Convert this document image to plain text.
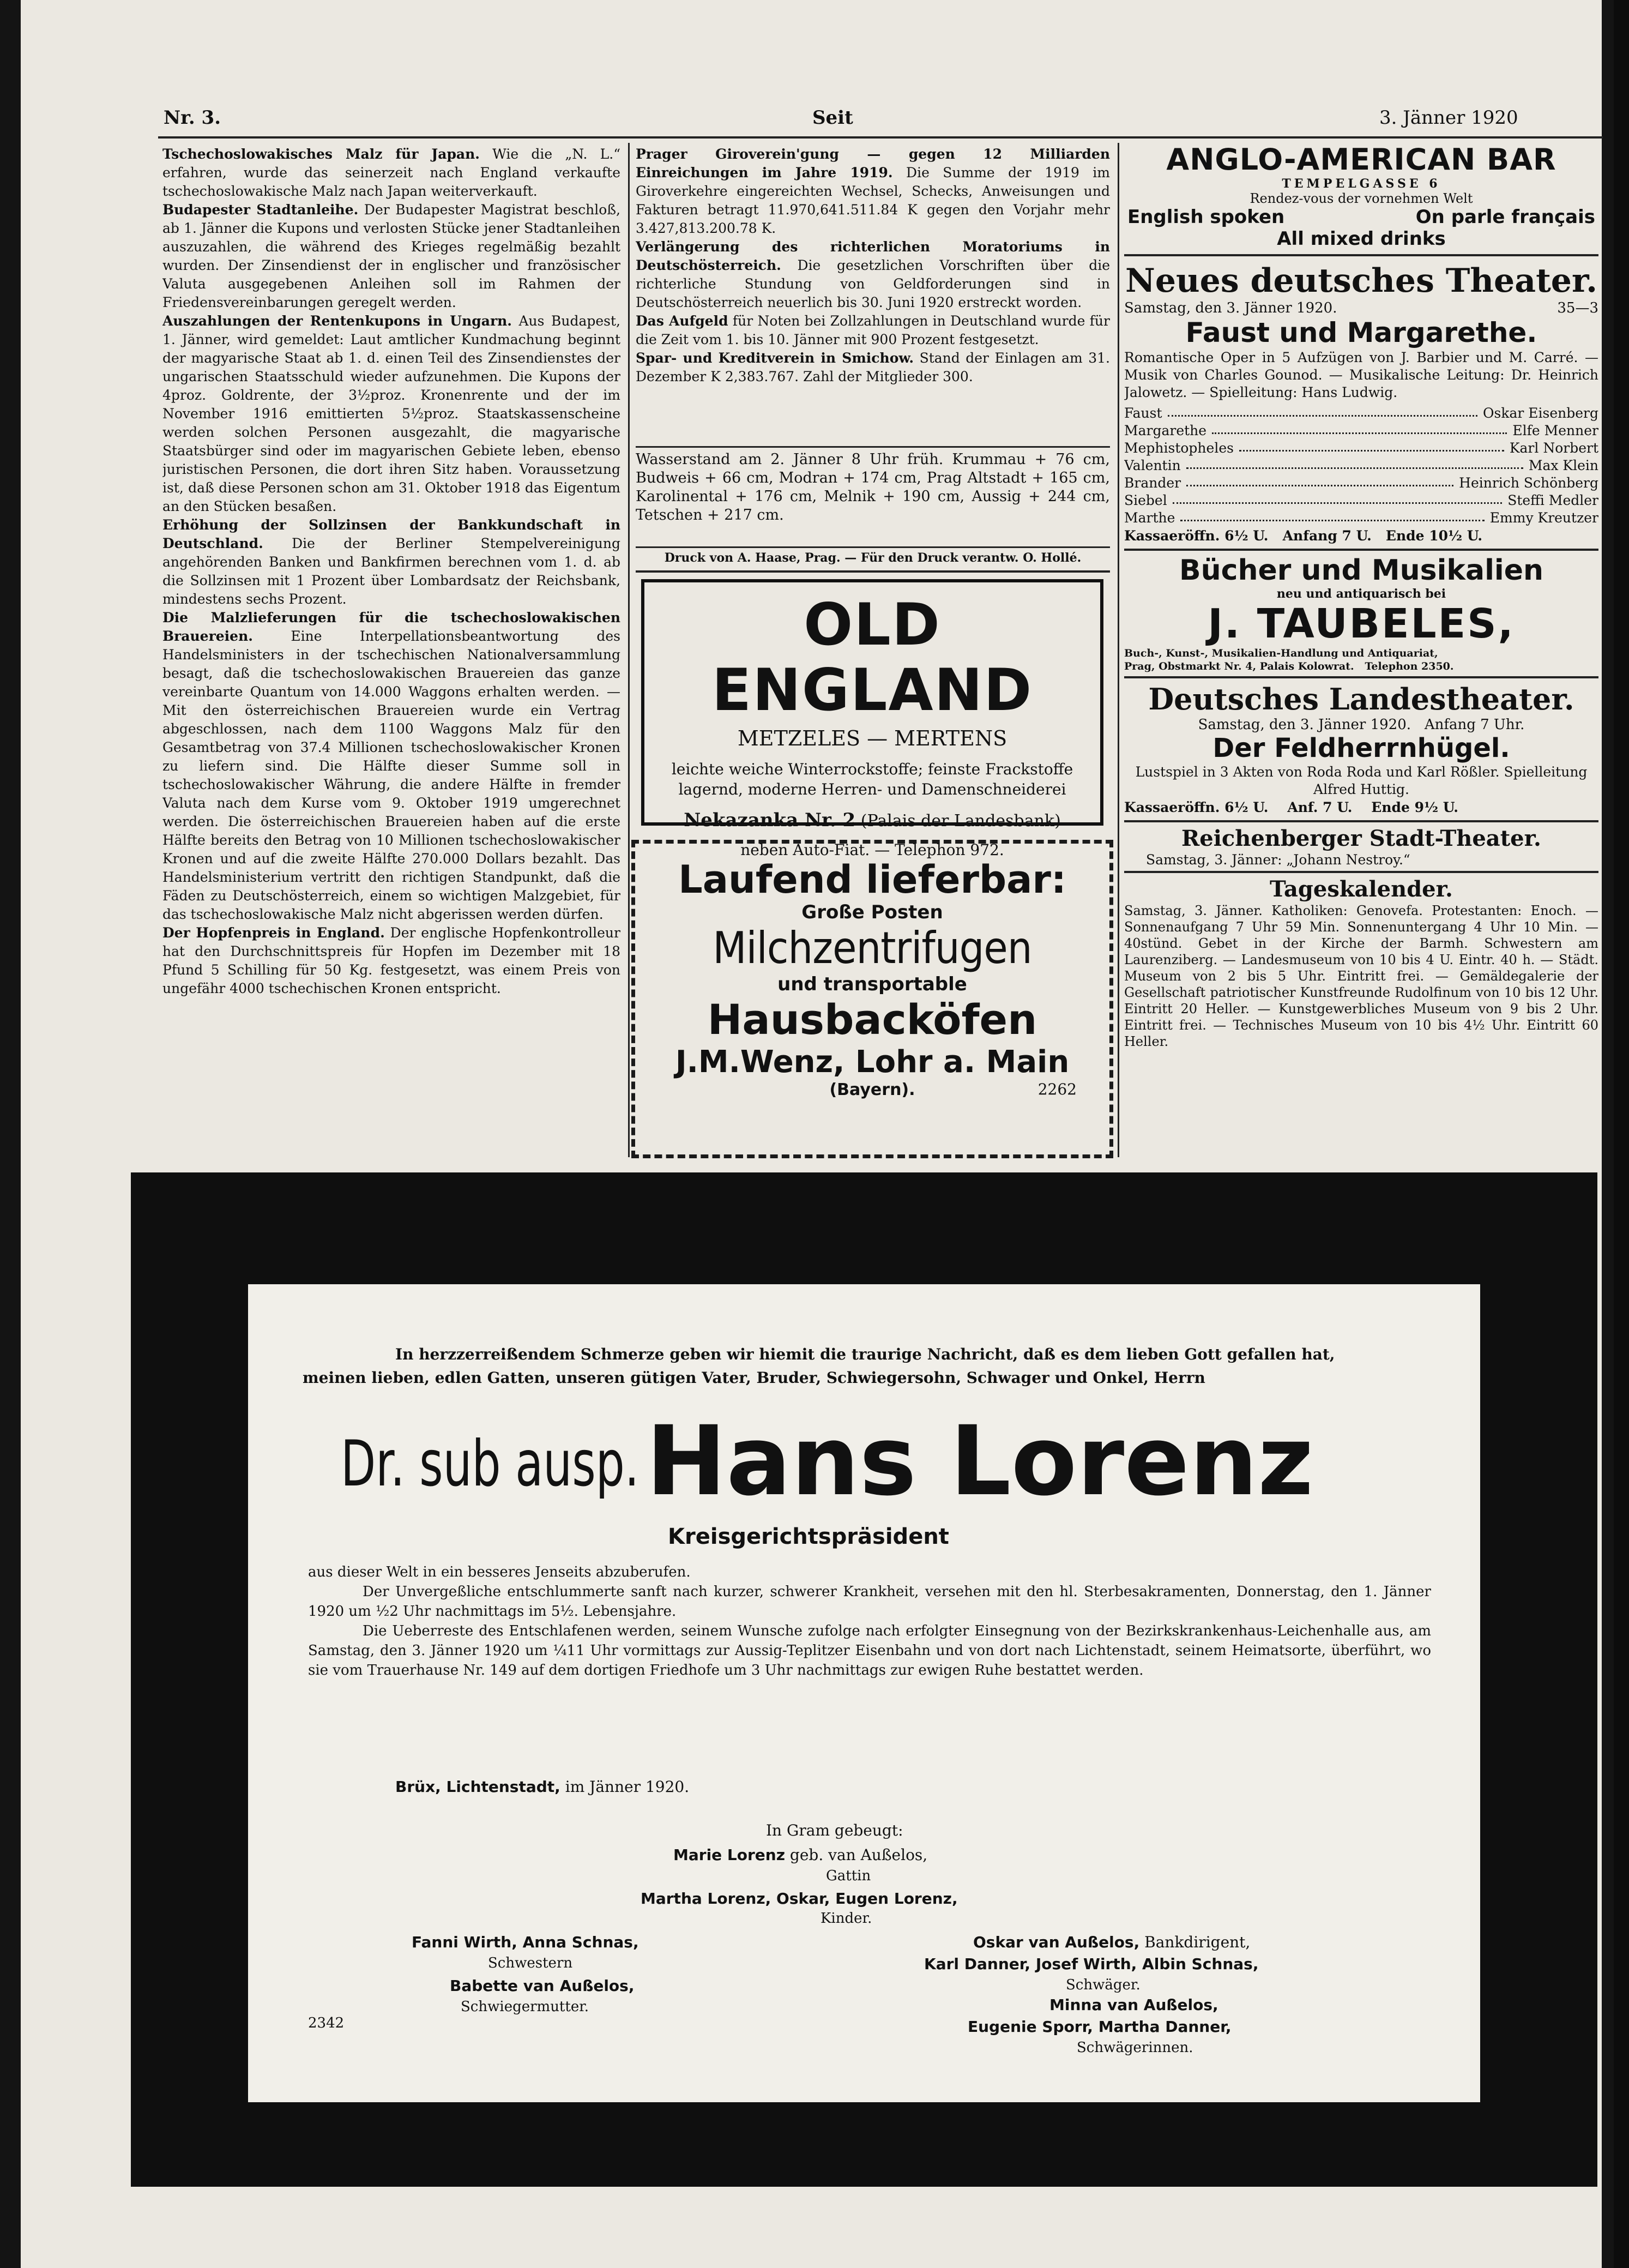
Nr. 3.	Seit	3. Jänner 1920

Tschechoslowakisches Malz für Japan. Wie die „N. L.“ erfahren, wurde das seinerzeit nach England verkaufte tschechoslowakische Malz nach Japan weiterverkauft.

Budapester Stadtanleihe. Der Budapester Magistrat beschloß, ab 1. Jänner die Kupons und verlosten Stücke jener Stadtanleihen auszuzahlen, die während des Krieges regelmäßig bezahlt wurden. Der Zinsendienst der in englischer und französischer Valuta ausgegebenen Anleihen soll im Rahmen der Friedensvereinbarungen geregelt werden.

Auszahlungen der Rentenkupons in Ungarn. Aus Budapest, 1. Jänner, wird gemeldet: Laut amtlicher Kundmachung beginnt der magyarische Staat ab 1. d. einen Teil des Zinsendienstes der ungarischen Staatsschuld wieder aufzunehmen. Die Kupons der 4proz. Goldrente, der 3½proz. Kronenrente und der im November 1916 emittierten 5½proz. Staatskassenscheine werden solchen Personen ausgezahlt, die magyarische Staatsbürger sind oder im magyarischen Gebiete leben, ebenso juristischen Personen, die dort ihren Sitz haben. Voraussetzung ist, daß diese Personen schon am 31. Oktober 1918 das Eigentum an den Stücken besaßen.

Erhöhung der Sollzinsen der Bankkundschaft in Deutschland. Die der Berliner Stempelvereinigung angehörenden Banken und Bankfirmen berechnen vom 1. d. ab die Sollzinsen mit 1 Prozent über Lombardsatz der Reichsbank, mindestens sechs Prozent.

Die Malzlieferungen für die tschechoslowakischen Brauereien. Eine Interpellationsbeantwortung des Handelsministers in der tschechischen Nationalversammlung besagt, daß die tschechoslowakischen Brauereien das ganze vereinbarte Quantum von 14.000 Waggons erhalten werden. — Mit den österreichischen Brauereien wurde ein Vertrag abgeschlossen, nach dem 1100 Waggons Malz für den Gesamtbetrag von 37.4 Millionen tschechoslowakischer Kronen zu liefern sind. Die Hälfte dieser Summe soll in tschechoslowakischer Währung, die andere Hälfte in fremder Valuta nach dem Kurse vom 9. Oktober 1919 umgerechnet werden. Die österreichischen Brauereien haben auf die erste Hälfte bereits den Betrag von 10 Millionen tschechoslowakischer Kronen und auf die zweite Hälfte 270.000 Dollars bezahlt. Das Handelsministerium vertritt den richtigen Standpunkt, daß die Fäden zu Deutschösterreich, einem so wichtigen Malzgebiet, für das tschechoslowakische Malz nicht abgerissen werden dürfen.

Der Hopfenpreis in England. Der englische Hopfenkontrolleur hat den Durchschnittspreis für Hopfen im Dezember mit 18 Pfund 5 Schilling für 50 Kg. festgesetzt, was einem Preis von ungefähr 4000 tschechischen Kronen entspricht.

Prager Giroverein'gung — gegen 12 Milliarden Einreichungen im Jahre 1919. Die Summe der 1919 im Giroverkehre eingereichten Wechsel, Schecks, Anweisungen und Fakturen betragt 11.970,641.511.84 K gegen den Vorjahr mehr 3.427,813.200.78 K.

Verlängerung des richterlichen Moratoriums in Deutschösterreich. Die gesetzlichen Vorschriften über die richterliche Stundung von Geldforderungen sind in Deutschösterreich neuerlich bis 30. Juni 1920 erstreckt worden.

Das Aufgeld für Noten bei Zollzahlungen in Deutschland wurde für die Zeit vom 1. bis 10. Jänner mit 900 Prozent festgesetzt.

Spar- und Kreditverein in Smichow. Stand der Einlagen am 31. Dezember K 2,383.767. Zahl der Mitglieder 300.

Wasserstand am 2. Jänner 8 Uhr früh. Krummau + 76 cm, Budweis + 66 cm, Modran + 174 cm, Prag Altstadt + 165 cm, Karolinental + 176 cm, Melnik + 190 cm, Aussig + 244 cm, Tetschen + 217 cm.

Druck von A. Haase, Prag. — Für den Druck verantw. O. Hollé.
OLD ENGLAND
METZELES — MERTENS
leichte weiche Winterrockstoffe; feinste Frackstoffe
lagernd, moderne Herren- und Damenschneiderei
Nekazanka Nr. 2 (Palais der Landesbank)
neben Auto-Fiat. — Telephon 972.
Laufend lieferbar:
Große Posten
Milchzentrifugen
und transportable
Hausbacköfen
J.M.Wenz, Lohr a. Main
(Bayern).	2262
ANGLO-AMERICAN BAR
TEMPELGASSE 6
Rendez-vous der vornehmen Welt
English spoken	On parle français
All mixed drinks
Neues deutsches Theater.
Samstag, den 3. Jänner 1920.	35—3
Faust und Margarethe.
Romantische Oper in 5 Aufzügen von J. Barbier und M. Carré. — Musik von Charles Gounod. — Musikalische Leitung: Dr. Heinrich Jalowetz. — Spielleitung: Hans Ludwig.
Faust	Oskar Eisenberg
Margarethe	Elfe Menner
Mephistopheles	Karl Norbert
Valentin	Max Klein
Brander	Heinrich Schönberg
Siebel	Steffi Medler
Marthe	Emmy Kreutzer
Kassaeröffn. 6½ U.   Anfang 7 U.   Ende 10½ U.
Bücher und Musikalien
neu und antiquarisch bei
J. TAUBELES,
Buch-, Kunst-, Musikalien-Handlung und Antiquariat,
Prag, Obstmarkt Nr. 4, Palais Kolowrat.   Telephon 2350.
Deutsches Landestheater.
Samstag, den 3. Jänner 1920.   Anfang 7 Uhr.
Der Feldherrnhügel.
Lustspiel in 3 Akten von Roda Roda und Karl Rößler. Spielleitung Alfred Huttig.
Kassaeröffn. 6½ U.    Anf. 7 U.    Ende 9½ U.
Reichenberger Stadt-Theater.
Samstag, 3. Jänner: „Johann Nestroy.“
Tageskalender.
Samstag, 3. Jänner. Katholiken: Genovefa. Protestanten: Enoch. — Sonnenaufgang 7 Uhr 59 Min. Sonnenuntergang 4 Uhr 10 Min. — 40stünd. Gebet in der Kirche der Barmh. Schwestern am Laurenziberg. — Landesmuseum von 10 bis 4 U. Eintr. 40 h. — Städt. Museum von 2 bis 5 Uhr. Eintritt frei. — Gemäldegalerie der Gesellschaft patriotischer Kunstfreunde Rudolfinum von 10 bis 12 Uhr. Eintritt 20 Heller. — Kunstgewerbliches Museum von 9 bis 2 Uhr. Eintritt frei. — Technisches Museum von 10 bis 4½ Uhr. Eintritt 60 Heller.
In herzzerreißendem Schmerze geben wir hiemit die traurige Nachricht, daß es dem lieben Gott gefallen hat,
meinen lieben, edlen Gatten, unseren gütigen Vater, Bruder, Schwiegersohn, Schwager und Onkel, Herrn
Dr. sub ausp. Hans Lorenz
Kreisgerichtspräsident
aus dieser Welt in ein besseres Jenseits abzuberufen.
Der Unvergeßliche entschlummerte sanft nach kurzer, schwerer Krankheit, versehen mit den hl. Sterbesakramenten, Donnerstag, den 1. Jänner 1920 um ½2 Uhr nachmittags im 5½. Lebensjahre.
Die Ueberreste des Entschlafenen werden, seinem Wunsche zufolge nach erfolgter Einsegnung von der Bezirkskrankenhaus-Leichenhalle aus, am Samstag, den 3. Jänner 1920 um ¼11 Uhr vormittags zur Aussig-Teplitzer Eisenbahn und von dort nach Lichtenstadt, seinem Heimatsorte, überführt, wo sie vom Trauerhause Nr. 149 auf dem dortigen Friedhofe um 3 Uhr nachmittags zur ewigen Ruhe bestattet werden.
Brüx, Lichtenstadt, im Jänner 1920.
In Gram gebeugt:
Marie Lorenz geb. van Außelos,
Gattin
Martha Lorenz, Oskar, Eugen Lorenz,
Kinder.
Fanni Wirth, Anna Schnas,
Schwestern
Babette van Außelos,
Schwiegermutter.
Oskar van Außelos, Bankdirigent,
Karl Danner, Josef Wirth, Albin Schnas,
Schwäger.
Minna van Außelos,
Eugenie Sporr, Martha Danner,
Schwägerinnen.
2342
